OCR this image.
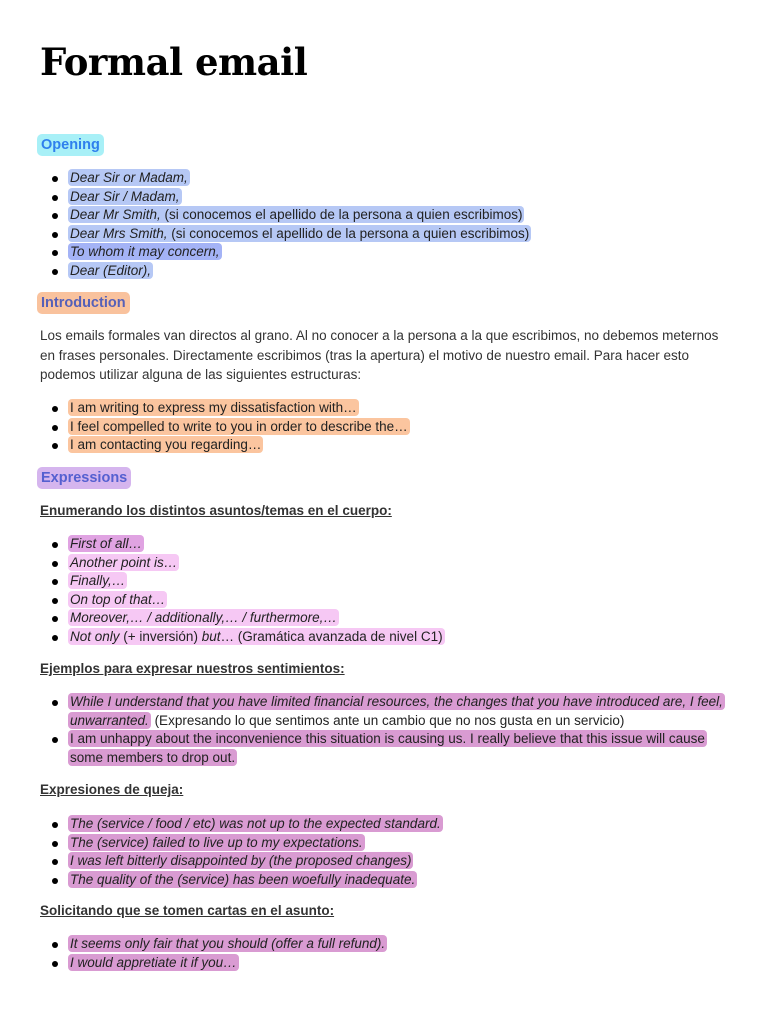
Formal email
Opening
Dear Sir or Madam,
Dear Sir / Madam,
Dear Mr Smith, (si conocemos el apellido de la persona a quien escribimos)
Dear Mrs Smith, (si conocemos el apellido de la persona a quien escribimos)
To whom it may concern,
Dear (Editor),
Introduction

Los emails formales van directos al grano. Al no conocer a la persona a la que escribimos, no debemos meternos en frases personales. Directamente escribimos (tras la apertura) el motivo de nuestro email. Para hacer esto podemos utilizar alguna de las siguientes estructuras:

I am writing to express my dissatisfaction with…
I feel compelled to write to you in order to describe the…
I am contacting you regarding…
Expressions
Enumerando los distintos asuntos/temas en el cuerpo:
First of all…
Another point is…
Finally,…
On top of that…
Moreover,… / additionally,… / furthermore,…
Not only (+ inversión) but… (Gramática avanzada de nivel C1)
Ejemplos para expresar nuestros sentimientos:
While I understand that you have limited financial resources, the changes that you have introduced are, I feel, unwarranted. (Expresando lo que sentimos ante un cambio que no nos gusta en un servicio)
I am unhappy about the inconvenience this situation is causing us. I really believe that this issue will cause some members to drop out.
Expresiones de queja:
The (service / food / etc) was not up to the expected standard.
The (service) failed to live up to my expectations.
I was left bitterly disappointed by (the proposed changes)
The quality of the (service) has been woefully inadequate.
Solicitando que se tomen cartas en el asunto:
It seems only fair that you should (offer a full refund).
I would appretiate it if you…
